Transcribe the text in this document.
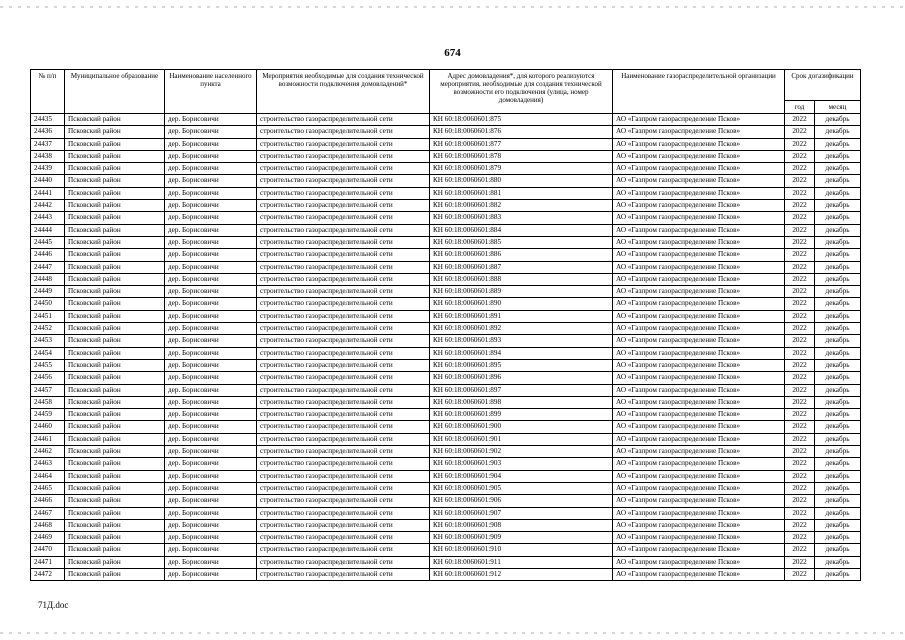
674
№ п/п	Муниципальное образование	Наименование населенного пункта	Мероприятия необходимые для создания технической возможности подключения домовладений*	Адрес домовладения*, для которого реализуются мероприятия, необходимые для создания технической возможности его подключения (улица, номер домовладения)	Наименование газораспределительной организации	Срок догазификации	
						год	месяц
24435	Псковский район	дер. Борисовичи	строительство газораспределительной сети	КН 60:18:0060601:875	АО «Газпром газораспределение Псков»	2022	декабрь
24436	Псковский район	дер. Борисовичи	строительство газораспределительной сети	КН 60:18:0060601:876	АО «Газпром газораспределение Псков»	2022	декабрь
24437	Псковский район	дер. Борисовичи	строительство газораспределительной сети	КН 60:18:0060601:877	АО «Газпром газораспределение Псков»	2022	декабрь
24438	Псковский район	дер. Борисовичи	строительство газораспределительной сети	КН 60:18:0060601:878	АО «Газпром газораспределение Псков»	2022	декабрь
24439	Псковский район	дер. Борисовичи	строительство газораспределительной сети	КН 60:18:0060601:879	АО «Газпром газораспределение Псков»	2022	декабрь
24440	Псковский район	дер. Борисовичи	строительство газораспределительной сети	КН 60:18:0060601:880	АО «Газпром газораспределение Псков»	2022	декабрь
24441	Псковский район	дер. Борисовичи	строительство газораспределительной сети	КН 60:18:0060601:881	АО «Газпром газораспределение Псков»	2022	декабрь
24442	Псковский район	дер. Борисовичи	строительство газораспределительной сети	КН 60:18:0060601:882	АО «Газпром газораспределение Псков»	2022	декабрь
24443	Псковский район	дер. Борисовичи	строительство газораспределительной сети	КН 60:18:0060601:883	АО «Газпром газораспределение Псков»	2022	декабрь
24444	Псковский район	дер. Борисовичи	строительство газораспределительной сети	КН 60:18:0060601:884	АО «Газпром газораспределение Псков»	2022	декабрь
24445	Псковский район	дер. Борисовичи	строительство газораспределительной сети	КН 60:18:0060601:885	АО «Газпром газораспределение Псков»	2022	декабрь
24446	Псковский район	дер. Борисовичи	строительство газораспределительной сети	КН 60:18:0060601:886	АО «Газпром газораспределение Псков»	2022	декабрь
24447	Псковский район	дер. Борисовичи	строительство газораспределительной сети	КН 60:18:0060601:887	АО «Газпром газораспределение Псков»	2022	декабрь
24448	Псковский район	дер. Борисовичи	строительство газораспределительной сети	КН 60:18:0060601:888	АО «Газпром газораспределение Псков»	2022	декабрь
24449	Псковский район	дер. Борисовичи	строительство газораспределительной сети	КН 60:18:0060601:889	АО «Газпром газораспределение Псков»	2022	декабрь
24450	Псковский район	дер. Борисовичи	строительство газораспределительной сети	КН 60:18:0060601:890	АО «Газпром газораспределение Псков»	2022	декабрь
24451	Псковский район	дер. Борисовичи	строительство газораспределительной сети	КН 60:18:0060601:891	АО «Газпром газораспределение Псков»	2022	декабрь
24452	Псковский район	дер. Борисовичи	строительство газораспределительной сети	КН 60:18:0060601:892	АО «Газпром газораспределение Псков»	2022	декабрь
24453	Псковский район	дер. Борисовичи	строительство газораспределительной сети	КН 60:18:0060601:893	АО «Газпром газораспределение Псков»	2022	декабрь
24454	Псковский район	дер. Борисовичи	строительство газораспределительной сети	КН 60:18:0060601:894	АО «Газпром газораспределение Псков»	2022	декабрь
24455	Псковский район	дер. Борисовичи	строительство газораспределительной сети	КН 60:18:0060601:895	АО «Газпром газораспределение Псков»	2022	декабрь
24456	Псковский район	дер. Борисовичи	строительство газораспределительной сети	КН 60:18:0060601:896	АО «Газпром газораспределение Псков»	2022	декабрь
24457	Псковский район	дер. Борисовичи	строительство газораспределительной сети	КН 60:18:0060601:897	АО «Газпром газораспределение Псков»	2022	декабрь
24458	Псковский район	дер. Борисовичи	строительство газораспределительной сети	КН 60:18:0060601:898	АО «Газпром газораспределение Псков»	2022	декабрь
24459	Псковский район	дер. Борисовичи	строительство газораспределительной сети	КН 60:18:0060601:899	АО «Газпром газораспределение Псков»	2022	декабрь
24460	Псковский район	дер. Борисовичи	строительство газораспределительной сети	КН 60:18:0060601:900	АО «Газпром газораспределение Псков»	2022	декабрь
24461	Псковский район	дер. Борисовичи	строительство газораспределительной сети	КН 60:18:0060601:901	АО «Газпром газораспределение Псков»	2022	декабрь
24462	Псковский район	дер. Борисовичи	строительство газораспределительной сети	КН 60:18:0060601:902	АО «Газпром газораспределение Псков»	2022	декабрь
24463	Псковский район	дер. Борисовичи	строительство газораспределительной сети	КН 60:18:0060601:903	АО «Газпром газораспределение Псков»	2022	декабрь
24464	Псковский район	дер. Борисовичи	строительство газораспределительной сети	КН 60:18:0060601:904	АО «Газпром газораспределение Псков»	2022	декабрь
24465	Псковский район	дер. Борисовичи	строительство газораспределительной сети	КН 60:18:0060601:905	АО «Газпром газораспределение Псков»	2022	декабрь
24466	Псковский район	дер. Борисовичи	строительство газораспределительной сети	КН 60:18:0060601:906	АО «Газпром газораспределение Псков»	2022	декабрь
24467	Псковский район	дер. Борисовичи	строительство газораспределительной сети	КН 60:18:0060601:907	АО «Газпром газораспределение Псков»	2022	декабрь
24468	Псковский район	дер. Борисовичи	строительство газораспределительной сети	КН 60:18:0060601:908	АО «Газпром газораспределение Псков»	2022	декабрь
24469	Псковский район	дер. Борисовичи	строительство газораспределительной сети	КН 60:18:0060601:909	АО «Газпром газораспределение Псков»	2022	декабрь
24470	Псковский район	дер. Борисовичи	строительство газораспределительной сети	КН 60:18:0060601:910	АО «Газпром газораспределение Псков»	2022	декабрь
24471	Псковский район	дер. Борисовичи	строительство газораспределительной сети	КН 60:18:0060601:911	АО «Газпром газораспределение Псков»	2022	декабрь
24472	Псковский район	дер. Борисовичи	строительство газораспределительной сети	КН 60:18:0060601:912	АО «Газпром газораспределение Псков»	2022	декабрь
71Д.doc
